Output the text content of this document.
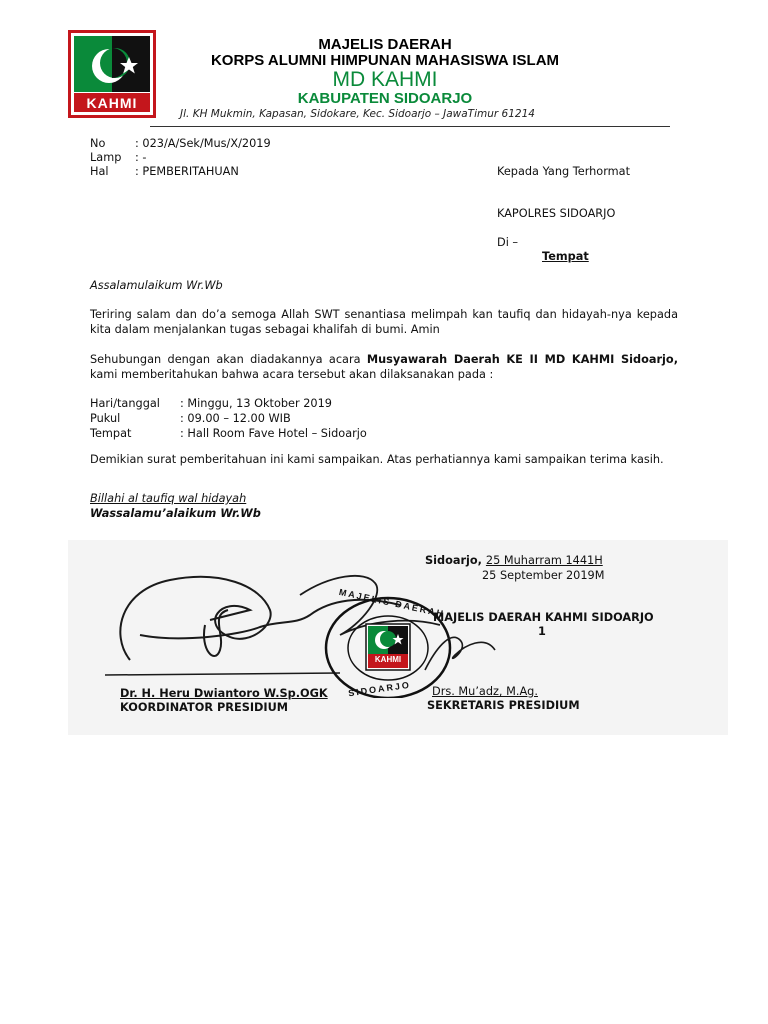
KAHMI
MAJELIS DAERAH
KORPS ALUMNI HIMPUNAN MAHASISWA ISLAM
MD KAHMI
KABUPATEN SIDOARJO
Jl. KH Mukmin, Kapasan, Sidokare, Kec. Sidoarjo – JawaTimur 61214
No	: 023/A/Sek/Mus/X/2019
Lamp : -
Hal : PEMBERITAHUAN	Kepada Yang Terhormat
KAPOLRES SIDOARJO
Di –
Tempat
Assalamulaikum Wr.Wb
Teriring salam dan do’a semoga Allah SWT senantiasa melimpah kan taufiq dan hidayah-nya kepada kita dalam menjalankan tugas sebagai khalifah di bumi. Amin
Sehubungan dengan akan diadakannya acara Musyawarah Daerah KE II MD KAHMI Sidoarjo, kami memberitahukan bahwa acara tersebut akan dilaksanakan pada :
Hari/tanggal : Minggu, 13 Oktober 2019
Pukul	: 09.00 – 12.00 WIB
Tempat	: Hall Room Fave Hotel – Sidoarjo
Demikian surat pemberitahuan ini kami sampaikan. Atas perhatiannya kami sampaikan terima kasih.
Billahi al taufiq wal hidayah
Wassalamu’alaikum Wr.Wb
Sidoarjo, 25 Muharram 1441H
25 September 2019M
MAJELIS DAERAH KAHMI SIDOARJO
1
MAJELIS DAERAH
SIDOARJO
KAHMI
Dr. H. Heru Dwiantoro W.Sp.OGK
KOORDINATOR PRESIDIUM
Drs. Mu’adz, M.Ag.
SEKRETARIS PRESIDIUM
